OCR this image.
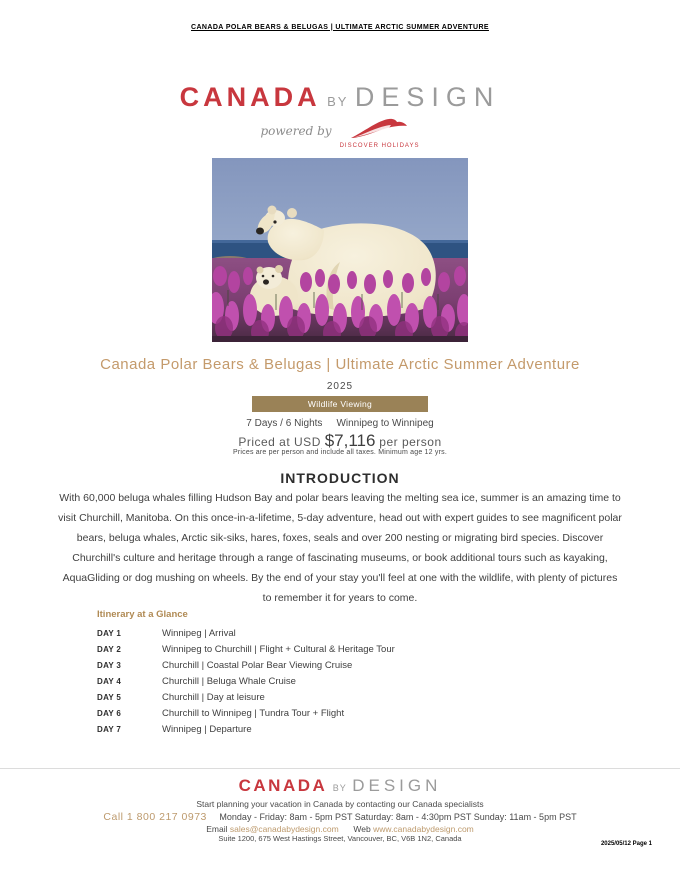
CANADA POLAR BEARS & BELUGAS | ULTIMATE ARCTIC SUMMER ADVENTURE
CANADA BY DESIGN
powered by
DISCOVER HOLIDAYS
Canada Polar Bears & Belugas | Ultimate Arctic Summer Adventure
2025
Wildlife Viewing
7 Days / 6 Nights Winnipeg to Winnipeg
Priced at USD $7,116 per person
Prices are per person and include all taxes. Minimum age 12 yrs.
INTRODUCTION
With 60,000 beluga whales filling Hudson Bay and polar bears leaving the melting sea ice, summer is an amazing time to visit Churchill, Manitoba. On this once-in-a-lifetime, 5-day adventure, head out with expert guides to see magnificent polar bears, beluga whales, Arctic sik-siks, hares, foxes, seals and over 200 nesting or migrating bird species. Discover Churchill's culture and heritage through a range of fascinating museums, or book additional tours such as kayaking, AquaGliding or dog mushing on wheels. By the end of your stay you'll feel at one with the wildlife, with plenty of pictures to remember it for years to come.
Itinerary at a Glance
DAY 1	Winnipeg | Arrival
DAY 2	Winnipeg to Churchill | Flight + Cultural & Heritage Tour
DAY 3	Churchill | Coastal Polar Bear Viewing Cruise
DAY 4	Churchill | Beluga Whale Cruise
DAY 5	Churchill | Day at leisure
DAY 6	Churchill to Winnipeg | Tundra Tour + Flight
DAY 7	Winnipeg | Departure
CANADA BY DESIGN
Start planning your vacation in Canada by contacting our Canada specialists
Call 1 800 217 0973 Monday - Friday: 8am - 5pm PST Saturday: 8am - 4:30pm PST Sunday: 11am - 5pm PST
Email sales@canadabydesign.com Web www.canadabydesign.com
Suite 1200, 675 West Hastings Street, Vancouver, BC, V6B 1N2, Canada
2025/05/12 Page 1
